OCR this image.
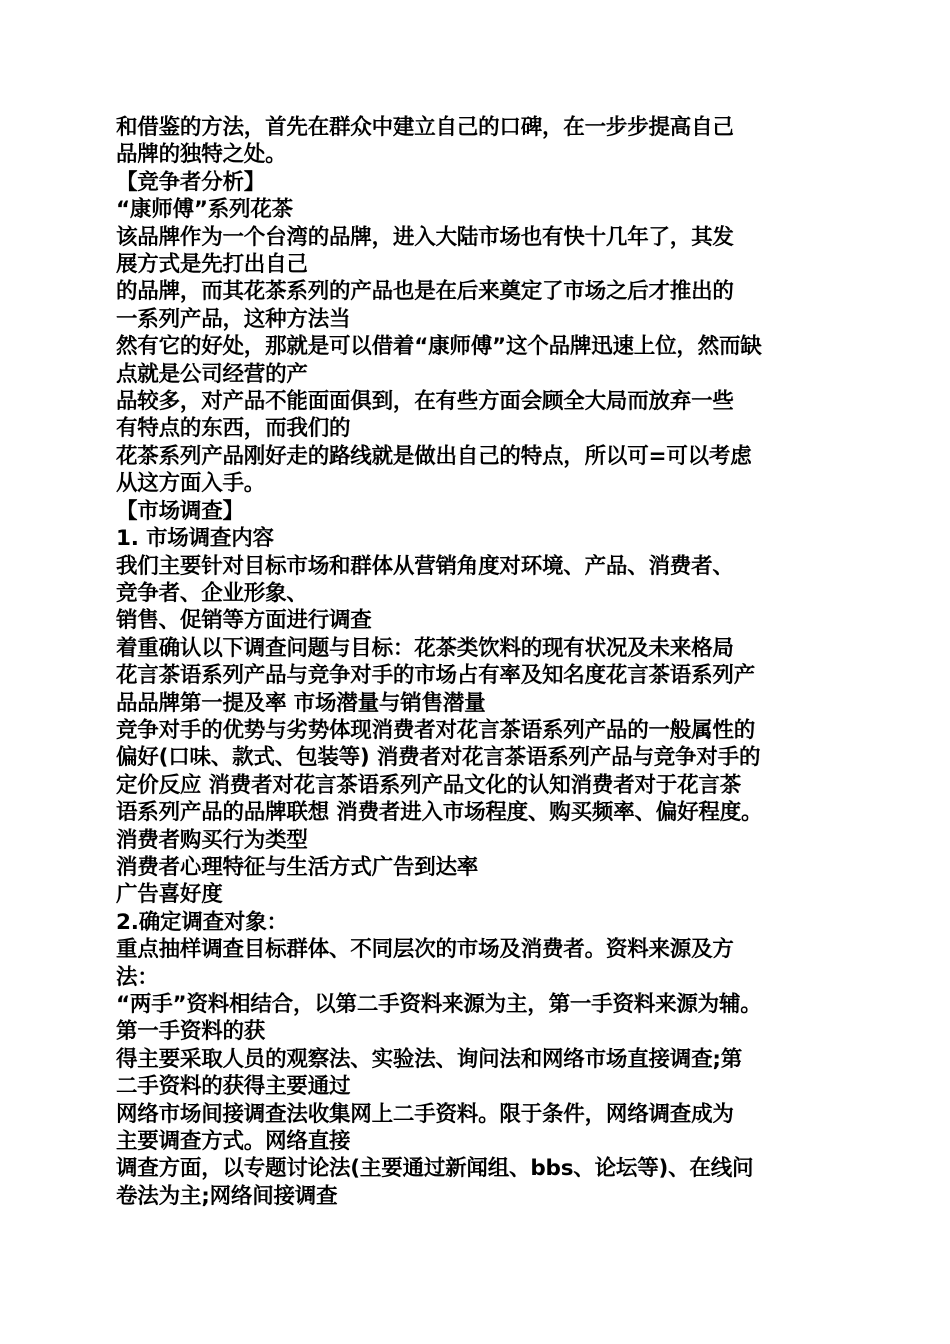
和借鉴的方法，首先在群众中建立自己的口碑，在一步步提高自己
品牌的独特之处。
【竞争者分析】
“康师傅”系列花茶
该品牌作为一个台湾的品牌，进入大陆市场也有快十几年了，其发
展方式是先打出自己
的品牌，而其花茶系列的产品也是在后来奠定了市场之后才推出的
一系列产品，这种方法当
然有它的好处，那就是可以借着“康师傅”这个品牌迅速上位，然而缺
点就是公司经营的产
品较多，对产品不能面面俱到，在有些方面会顾全大局而放弃一些
有特点的东西，而我们的
花茶系列产品刚好走的路线就是做出自己的特点，所以可=可以考虑
从这方面入手。
【市场调查】
1. 市场调查内容
我们主要针对目标市场和群体从营销角度对环境、产品、消费者、
竞争者、企业形象、
销售、促销等方面进行调查
着重确认以下调查问题与目标：花茶类饮料的现有状况及未来格局
花言茶语系列产品与竞争对手的市场占有率及知名度花言茶语系列产
品品牌第一提及率 市场潜量与销售潜量
竞争对手的优势与劣势体现消费者对花言茶语系列产品的一般属性的
偏好(口味、款式、包装等) 消费者对花言茶语系列产品与竞争对手的
定价反应 消费者对花言茶语系列产品文化的认知消费者对于花言茶
语系列产品的品牌联想 消费者进入市场程度、购买频率、偏好程度。
消费者购买行为类型
消费者心理特征与生活方式广告到达率
广告喜好度
2.确定调查对象：
重点抽样调查目标群体、不同层次的市场及消费者。资料来源及方
法：
“两手”资料相结合，以第二手资料来源为主，第一手资料来源为辅。
第一手资料的获
得主要采取人员的观察法、实验法、询问法和网络市场直接调查;第
二手资料的获得主要通过
网络市场间接调查法收集网上二手资料。限于条件，网络调查成为
主要调查方式。网络直接
调查方面，以专题讨论法(主要通过新闻组、bbs、论坛等)、在线问
卷法为主;网络间接调查
